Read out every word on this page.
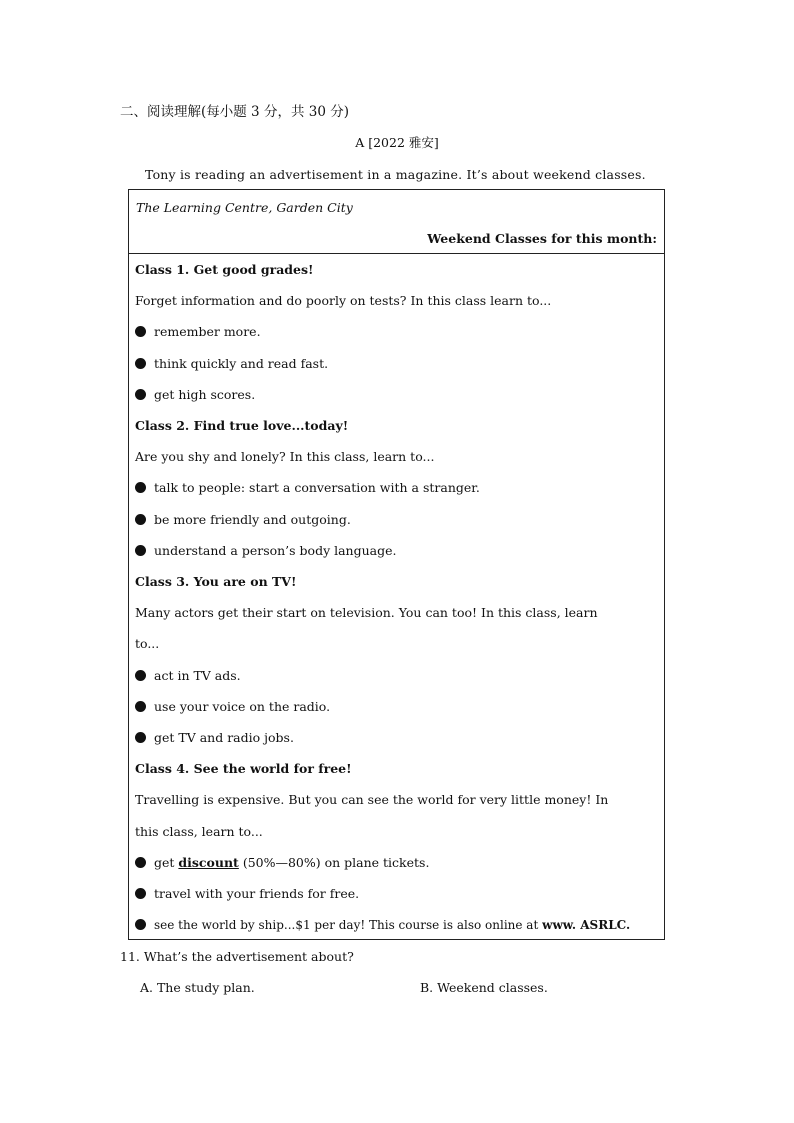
二、阅读理解(每小题 3 分，共 30 分)
A [2022 雅安]
Tony is reading an advertisement in a magazine. It’s about weekend classes.
The Learning Centre, Garden City
Weekend Classes for this month:
Class 1. Get good grades!
Forget information and do poorly on tests? In this class learn to...
remember more.
think quickly and read fast.
get high scores.
Class 2. Find true love...today!
Are you shy and lonely? In this class, learn to...
talk to people: start a conversation with a stranger.
be more friendly and outgoing.
understand a person’s body language.
Class 3. You are on TV!
Many actors get their start on television. You can too! In this class, learn
to...
act in TV ads.
use your voice on the radio.
get TV and radio jobs.
Class 4. See the world for free!
Travelling is expensive. But you can see the world for very little money! In
this class, learn to...
get discount (50%—80%) on plane tickets.
travel with your friends for free.
see the world by ship...$1 per day! This course is also online at www. ASRLC.
11. What’s the advertisement about?
A. The study plan.	B. Weekend classes.
